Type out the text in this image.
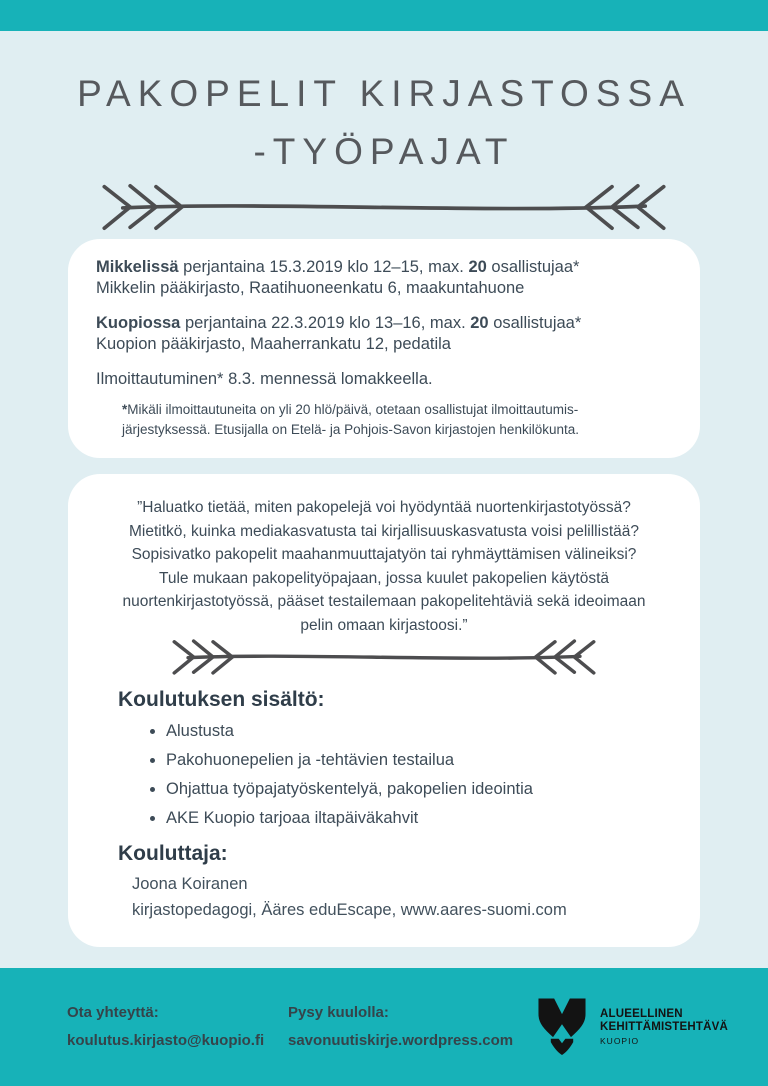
PAKOPELIT KIRJASTOSSA
-TYÖPAJAT

Mikkelissä perjantaina 15.3.2019 klo 12–15, max. 20 osallistujaa*

Mikkelin pääkirjasto, Raatihuoneenkatu 6, maakuntahuone

Kuopiossa perjantaina 22.3.2019 klo 13–16, max. 20 osallistujaa*

Kuopion pääkirjasto, Maaherrankatu 12, pedatila

Ilmoittautuminen* 8.3. mennessä lomakkeella.

*Mikäli ilmoittautuneita on yli 20 hlö/päivä, otetaan osallistujat ilmoittautumis-
järjestyksessä. Etusijalla on Etelä- ja Pohjois-Savon kirjastojen henkilökunta.

”Haluatko tietää, miten pakopelejä voi hyödyntää nuortenkirjastotyössä?
Mietitkö, kuinka mediakasvatusta tai kirjallisuuskasvatusta voisi pelillistää?
Sopisivatko pakopelit maahanmuuttajatyön tai ryhmäyttämisen välineiksi?
Tule mukaan pakopelityöpajaan, jossa kuulet pakopelien käytöstä
nuortenkirjastotyössä, pääset testailemaan pakopelitehtäviä sekä ideoimaan
pelin omaan kirjastoosi.”
Koulutuksen sisältö:
• Alustusta
• Pakohuonepelien ja -tehtävien testailua
• Ohjattua työpajatyöskentelyä, pakopelien ideointia
• AKE Kuopio tarjoaa iltapäiväkahvit
Kouluttaja:

Joona Koiranen

kirjastopedagogi, Ääres eduEscape, www.aares-suomi.com

Ota yhteyttä:
koulutus.kirjasto@kuopio.fi
Pysy kuulolla:
savonuutiskirje.wordpress.com
ALUEELLINEN
KEHITTÄMISTEHTÄVÄ
KUOPIO
